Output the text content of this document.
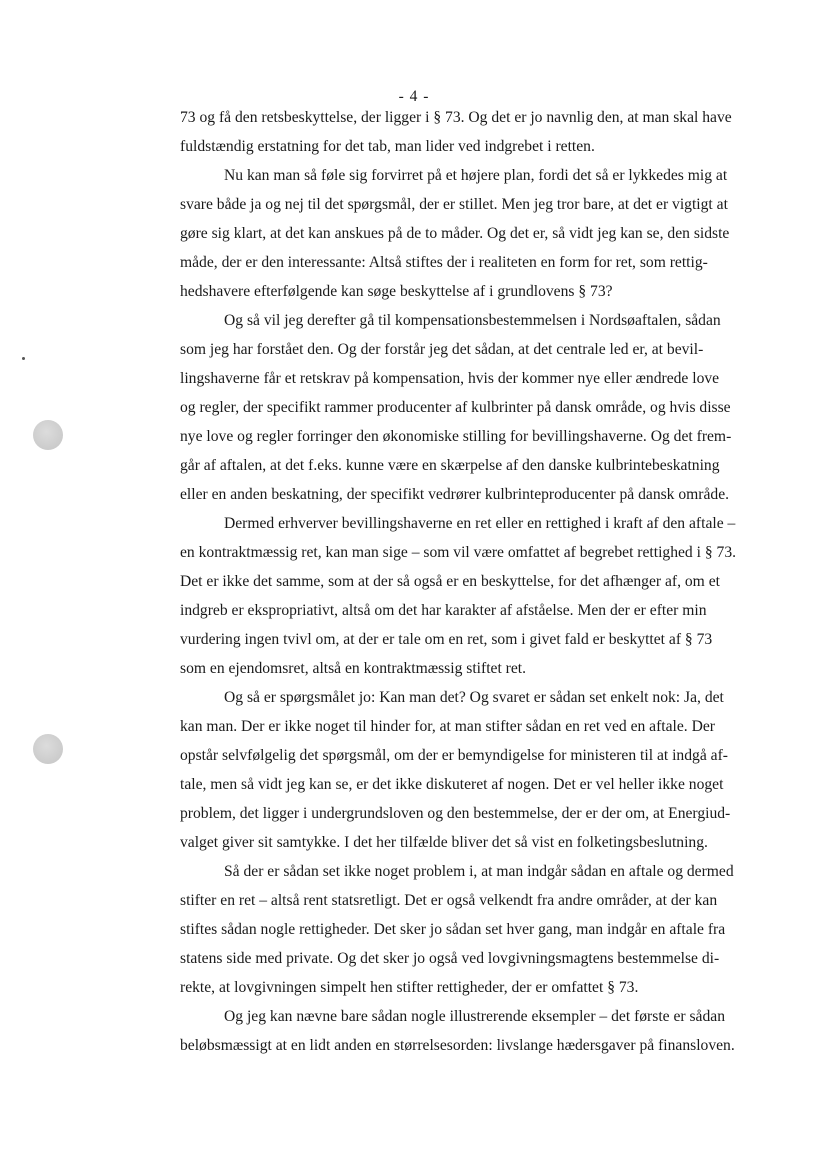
- 4 -
73 og få den retsbeskyttelse, der ligger i § 73. Og det er jo navnlig den, at man skal have
fuldstændig erstatning for det tab, man lider ved indgrebet i retten.
Nu kan man så føle sig forvirret på et højere plan, fordi det så er lykkedes mig at
svare både ja og nej til det spørgsmål, der er stillet. Men jeg tror bare, at det er vigtigt at
gøre sig klart, at det kan anskues på de to måder. Og det er, så vidt jeg kan se, den sidste
måde, der er den interessante: Altså stiftes der i realiteten en form for ret, som rettig-
hedshavere efterfølgende kan søge beskyttelse af i grundlovens § 73?
Og så vil jeg derefter gå til kompensationsbestemmelsen i Nordsøaftalen, sådan
som jeg har forstået den. Og der forstår jeg det sådan, at det centrale led er, at bevil-
lingshaverne får et retskrav på kompensation, hvis der kommer nye eller ændrede love
og regler, der specifikt rammer producenter af kulbrinter på dansk område, og hvis disse
nye love og regler forringer den økonomiske stilling for bevillingshaverne. Og det frem-
går af aftalen, at det f.eks. kunne være en skærpelse af den danske kulbrintebeskatning
eller en anden beskatning, der specifikt vedrører kulbrinteproducenter på dansk område.
Dermed erhverver bevillingshaverne en ret eller en rettighed i kraft af den aftale –
en kontraktmæssig ret, kan man sige – som vil være omfattet af begrebet rettighed i § 73.
Det er ikke det samme, som at der så også er en beskyttelse, for det afhænger af, om et
indgreb er ekspropriativt, altså om det har karakter af afståelse. Men der er efter min
vurdering ingen tvivl om, at der er tale om en ret, som i givet fald er beskyttet af § 73
som en ejendomsret, altså en kontraktmæssig stiftet ret.
Og så er spørgsmålet jo: Kan man det? Og svaret er sådan set enkelt nok: Ja, det
kan man. Der er ikke noget til hinder for, at man stifter sådan en ret ved en aftale. Der
opstår selvfølgelig det spørgsmål, om der er bemyndigelse for ministeren til at indgå af-
tale, men så vidt jeg kan se, er det ikke diskuteret af nogen. Det er vel heller ikke noget
problem, det ligger i undergrundsloven og den bestemmelse, der er der om, at Energiud-
valget giver sit samtykke. I det her tilfælde bliver det så vist en folketingsbeslutning.
Så der er sådan set ikke noget problem i, at man indgår sådan en aftale og dermed
stifter en ret – altså rent statsretligt. Det er også velkendt fra andre områder, at der kan
stiftes sådan nogle rettigheder. Det sker jo sådan set hver gang, man indgår en aftale fra
statens side med private. Og det sker jo også ved lovgivningsmagtens bestemmelse di-
rekte, at lovgivningen simpelt hen stifter rettigheder, der er omfattet § 73.
Og jeg kan nævne bare sådan nogle illustrerende eksempler – det første er sådan
beløbsmæssigt at en lidt anden en størrelsesorden: livslange hædersgaver på finansloven.
